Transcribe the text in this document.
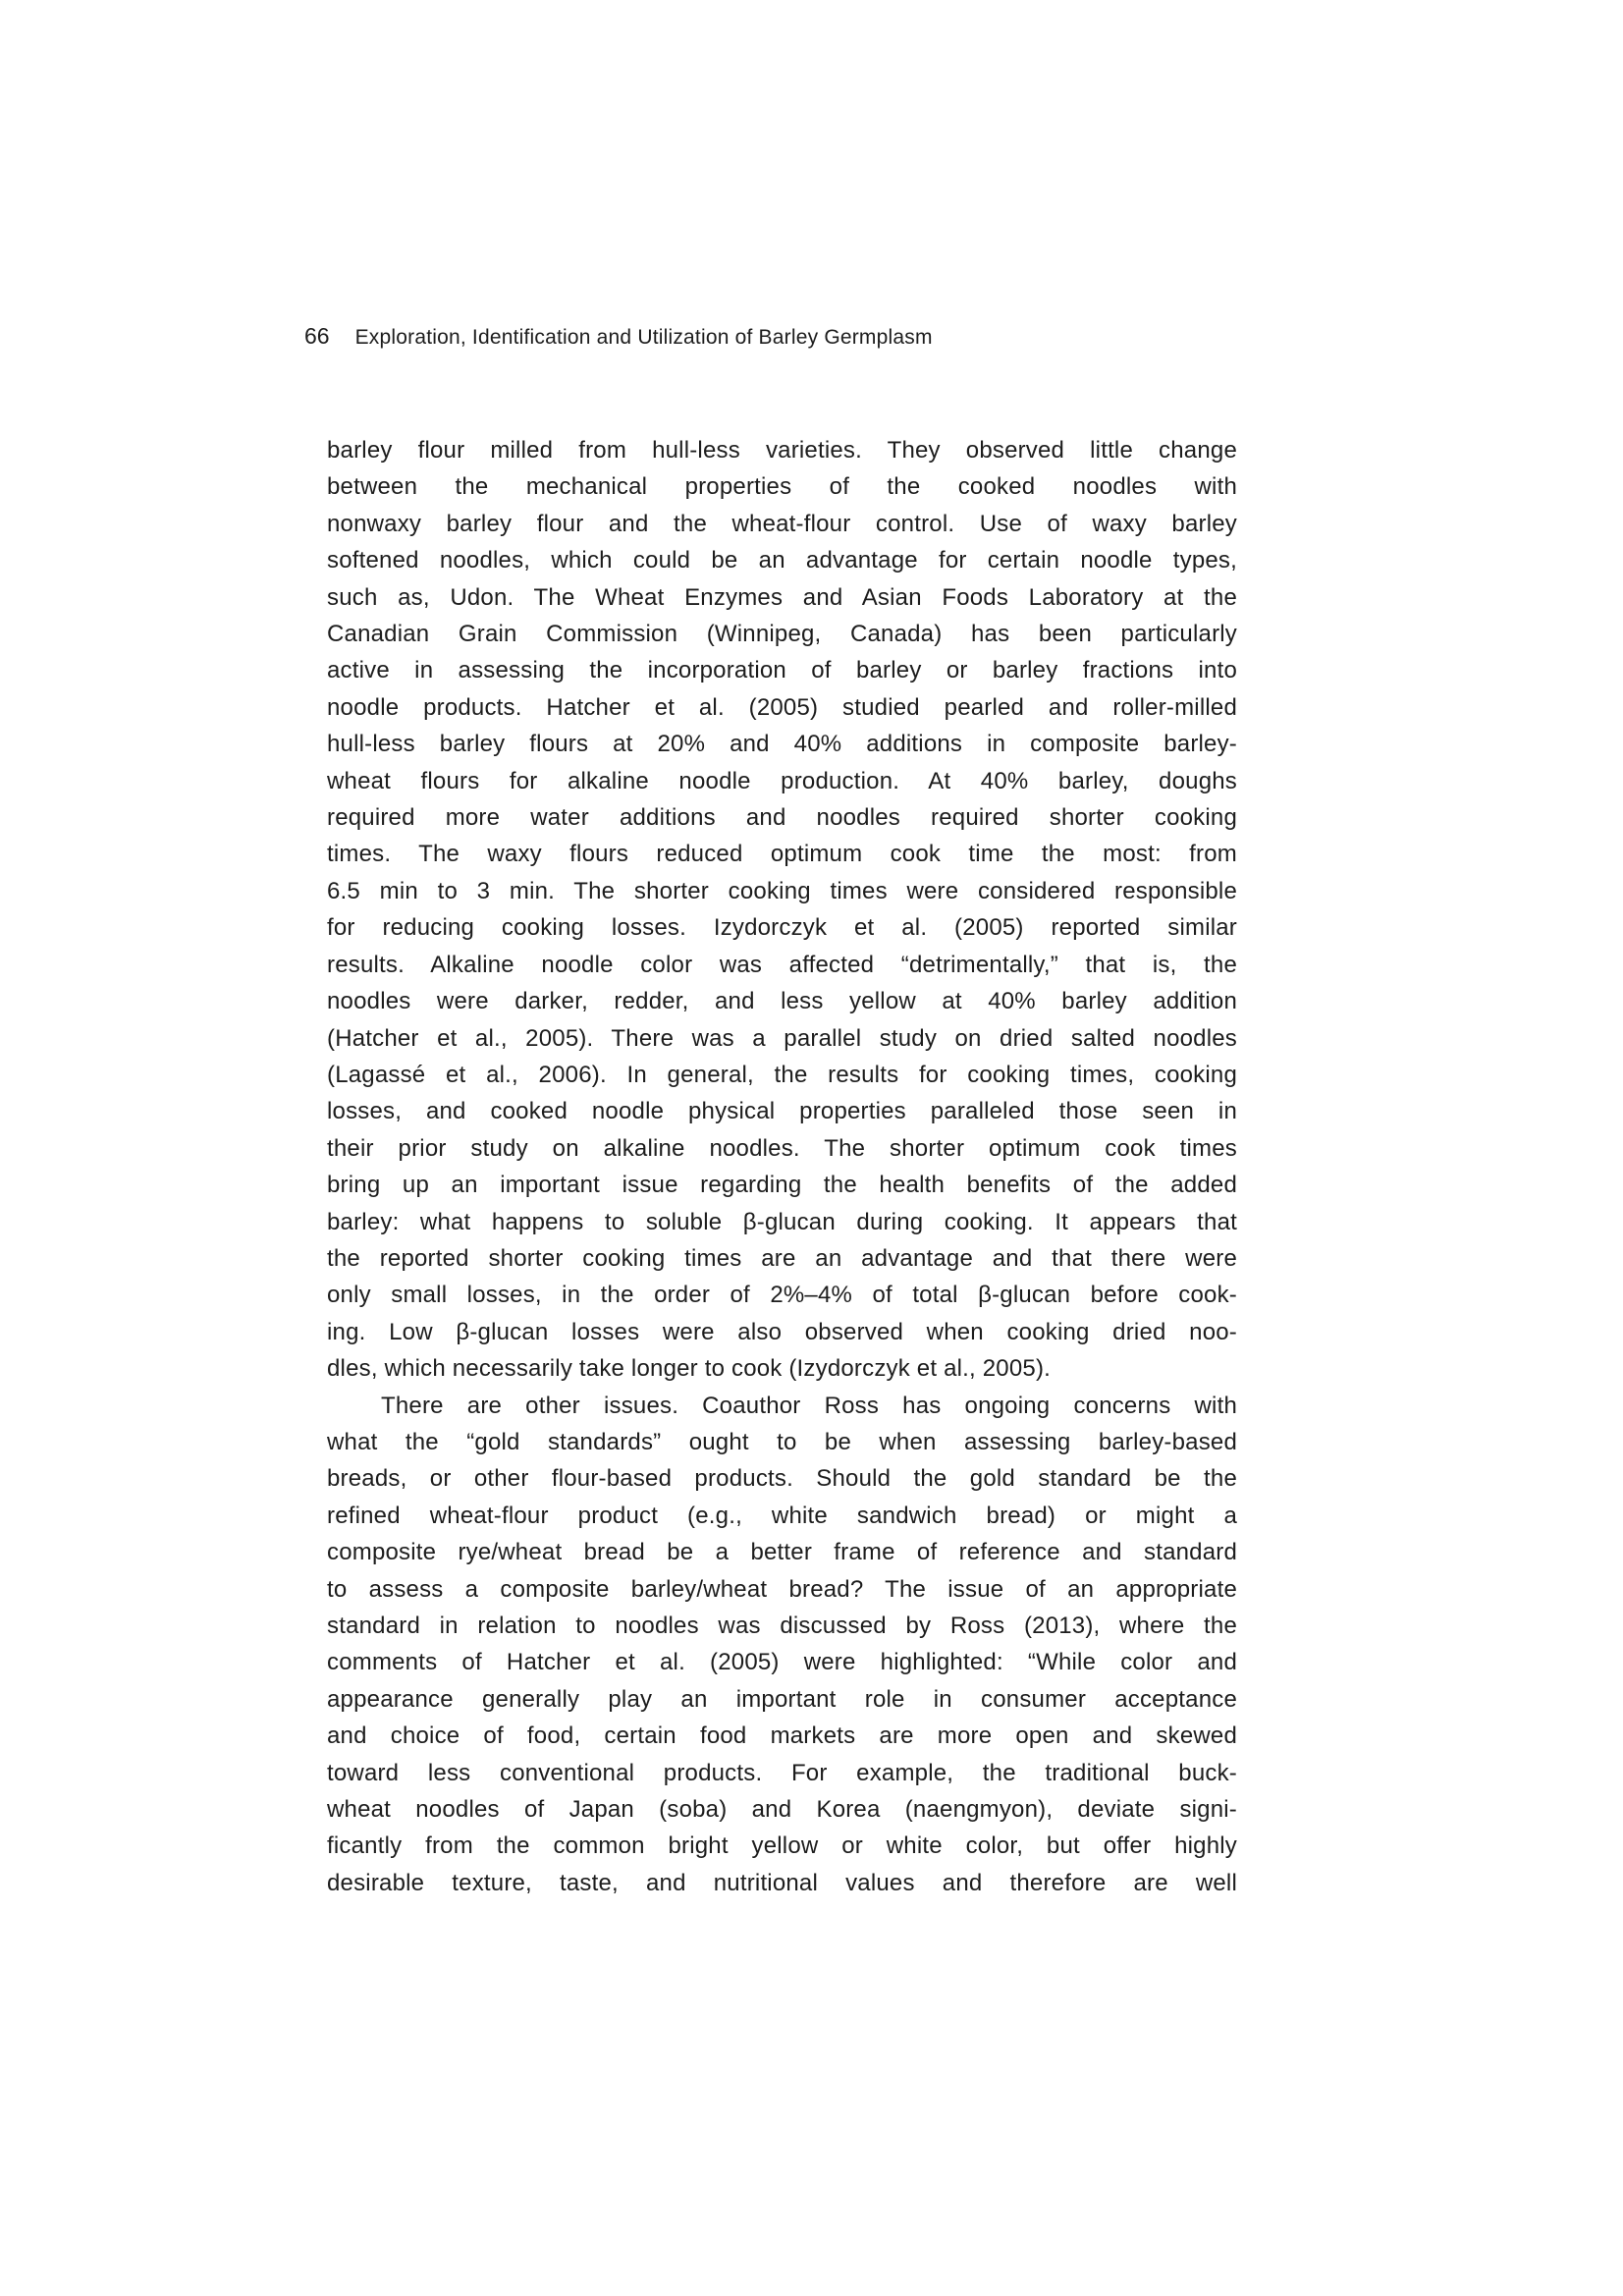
66 Exploration, Identification and Utilization of Barley Germplasm
barley flour milled from hull-less varieties. They observed little change
between the mechanical properties of the cooked noodles with
nonwaxy barley flour and the wheat-flour control. Use of waxy barley
softened noodles, which could be an advantage for certain noodle types,
such as, Udon. The Wheat Enzymes and Asian Foods Laboratory at the
Canadian Grain Commission (Winnipeg, Canada) has been particularly
active in assessing the incorporation of barley or barley fractions into
noodle products. Hatcher et al. (2005) studied pearled and roller-milled
hull-less barley flours at 20% and 40% additions in composite barley-
wheat flours for alkaline noodle production. At 40% barley, doughs
required more water additions and noodles required shorter cooking
times. The waxy flours reduced optimum cook time the most: from
6.5 min to 3 min. The shorter cooking times were considered responsible
for reducing cooking losses. Izydorczyk et al. (2005) reported similar
results. Alkaline noodle color was affected “detrimentally,” that is, the
noodles were darker, redder, and less yellow at 40% barley addition
(Hatcher et al., 2005). There was a parallel study on dried salted noodles
(Lagassé et al., 2006). In general, the results for cooking times, cooking
losses, and cooked noodle physical properties paralleled those seen in
their prior study on alkaline noodles. The shorter optimum cook times
bring up an important issue regarding the health benefits of the added
barley: what happens to soluble β-glucan during cooking. It appears that
the reported shorter cooking times are an advantage and that there were
only small losses, in the order of 2%–4% of total β-glucan before cook-
ing. Low β-glucan losses were also observed when cooking dried noo-
dles, which necessarily take longer to cook (Izydorczyk et al., 2005).
There are other issues. Coauthor Ross has ongoing concerns with
what the “gold standards” ought to be when assessing barley-based
breads, or other flour-based products. Should the gold standard be the
refined wheat-flour product (e.g., white sandwich bread) or might a
composite rye/wheat bread be a better frame of reference and standard
to assess a composite barley/wheat bread? The issue of an appropriate
standard in relation to noodles was discussed by Ross (2013), where the
comments of Hatcher et al. (2005) were highlighted: “While color and
appearance generally play an important role in consumer acceptance
and choice of food, certain food markets are more open and skewed
toward less conventional products. For example, the traditional buck-
wheat noodles of Japan (soba) and Korea (naengmyon), deviate signi-
ficantly from the common bright yellow or white color, but offer highly
desirable texture, taste, and nutritional values and therefore are well
